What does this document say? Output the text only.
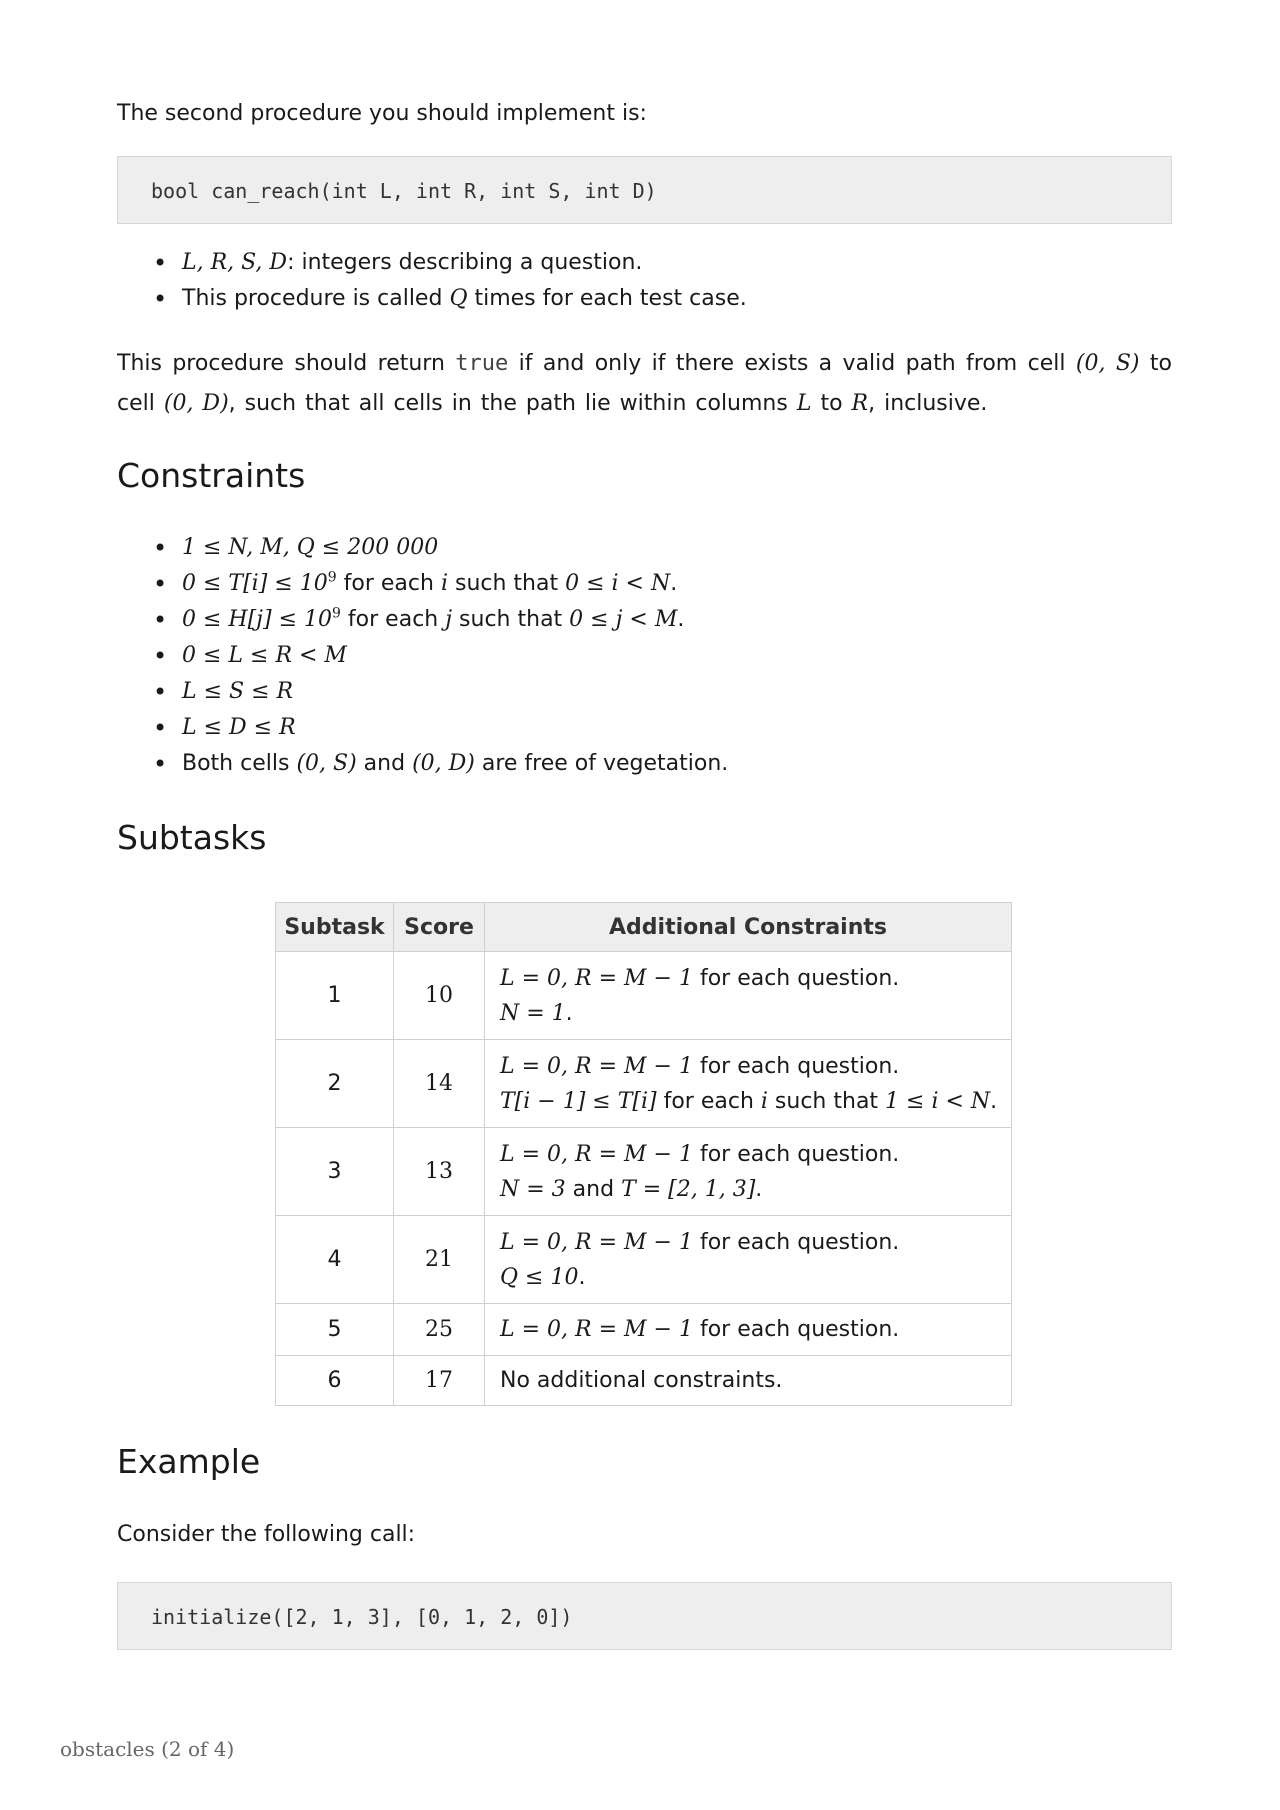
The second procedure you should implement is:

bool can_reach(int L, int R, int S, int D)
• L, R, S, D: integers describing a question.
• This procedure is called Q times for each test case.

This procedure should return true if and only if there exists a valid path from cell (0, S) to cell (0, D), such that all cells in the path lie within columns L to R, inclusive.

Constraints
• 1 ≤ N, M, Q ≤ 200 000
• $0 \le T[i] \le 10^9$ for each i such that 0 ≤ i < N.
• $0 \le H[j] \le 10^9$ for each j such that 0 ≤ j < M.
• 0 ≤ L ≤ R < M
• L ≤ S ≤ R
• L ≤ D ≤ R
• Both cells (0, S) and (0, D) are free of vegetation.
Subtasks
Subtask	Score	Additional Constraints
1	10	L = 0, R = M − 1 for each question.
N = 1.

2	14	L = 0, R = M − 1 for each question.
T[i − 1] ≤ T[i] for each i such that 1 ≤ i < N.

3	13	L = 0, R = M − 1 for each question.
N = 3 and T = [2, 1, 3].

4	21	L = 0, R = M − 1 for each question.
Q ≤ 10.

5	25	L = 0, R = M − 1 for each question.
6	17	No additional constraints.
Example

Consider the following call:

initialize([2, 1, 3], [0, 1, 2, 0])
obstacles (2 of 4)
